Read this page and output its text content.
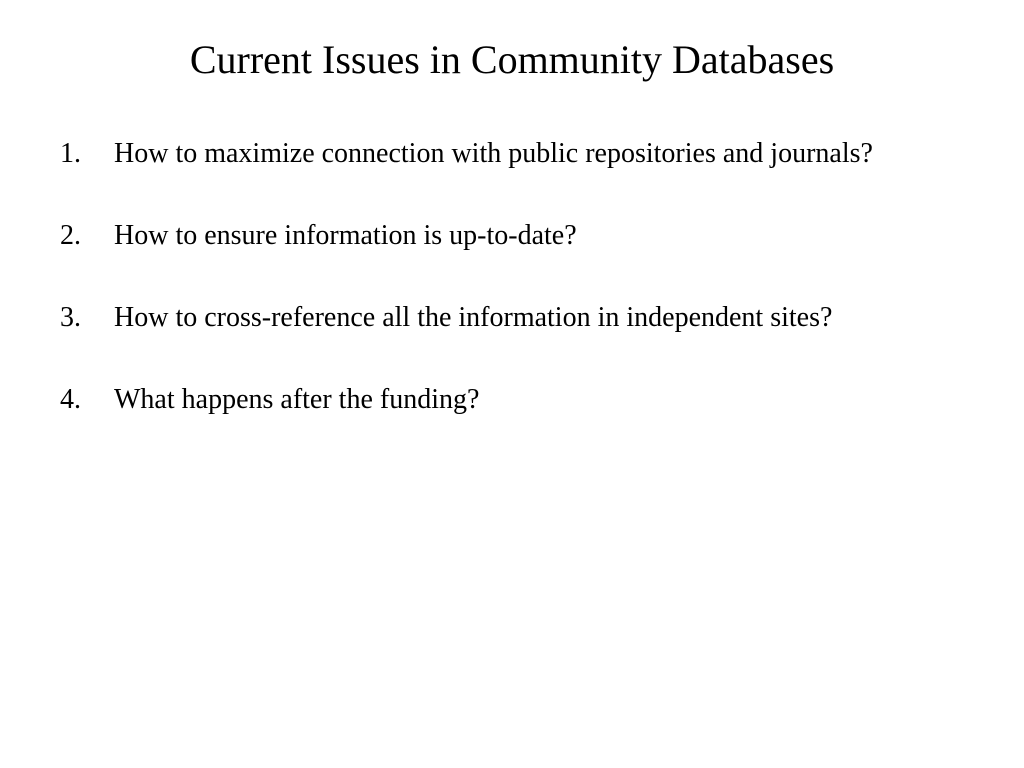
Current Issues in Community Databases
1.	How to maximize connection with public repositories and journals?
2.	How to ensure information is up-to-date?
3.	How to cross-reference all the information in independent sites?
4.	What happens after the funding?
